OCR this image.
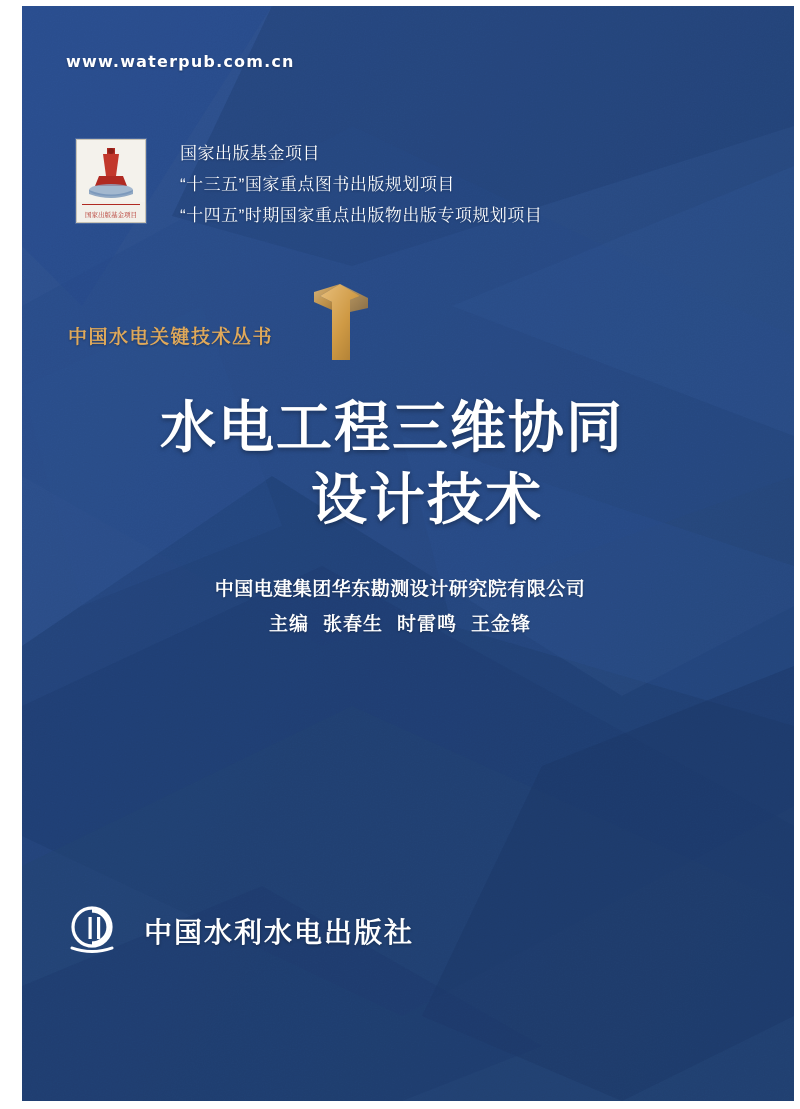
国家出版基金项目
国家出版基金项目
“十三五”国家重点图书出版规划项目
“十四五”时期国家重点出版物出版专项规划项目
中国水电关键技术丛书
水电工程三维协同
设计技术
中国电建集团华东勘测设计研究院有限公司
主编 张春生 时雷鸣 王金锋
中国水利水电出版社
www.waterpub.com.cn
